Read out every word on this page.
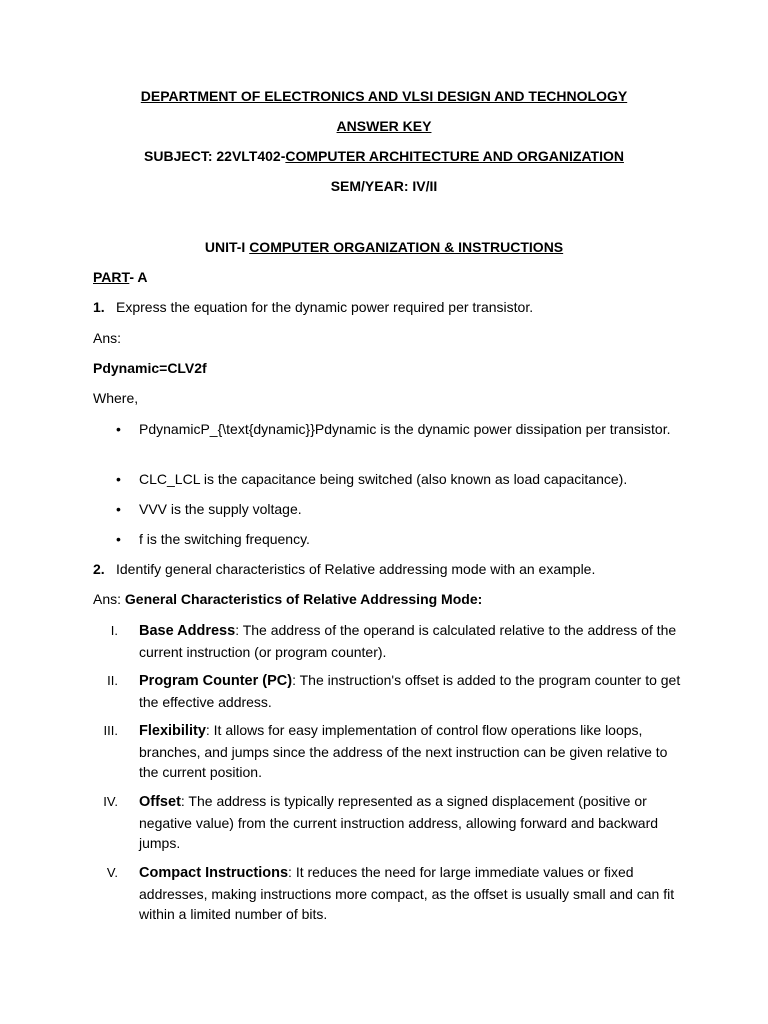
DEPARTMENT OF ELECTRONICS AND VLSI DESIGN AND TECHNOLOGY
ANSWER KEY
SUBJECT: 22VLT402-COMPUTER ARCHITECTURE AND ORGANIZATION
SEM/YEAR: IV/II
UNIT-I COMPUTER ORGANIZATION & INSTRUCTIONS
PART- A
1. Express the equation for the dynamic power required per transistor.
Ans:
Pdynamic=CLV2f
Where,
• PdynamicP_{\text{dynamic}}Pdynamic is the dynamic power dissipation per transistor.
• CLC_LCL is the capacitance being switched (also known as load capacitance).
• VVV is the supply voltage.
• f is the switching frequency.
2. Identify general characteristics of Relative addressing mode with an example.
Ans: General Characteristics of Relative Addressing Mode:
I. Base Address: The address of the operand is calculated relative to the address of the current instruction (or program counter).
II. Program Counter (PC): The instruction's offset is added to the program counter to get the effective address.
III. Flexibility: It allows for easy implementation of control flow operations like loops, branches, and jumps since the address of the next instruction can be given relative to the current position.
IV. Offset: The address is typically represented as a signed displacement (positive or negative value) from the current instruction address, allowing forward and backward jumps.
V. Compact Instructions: It reduces the need for large immediate values or fixed addresses, making instructions more compact, as the offset is usually small and can fit within a limited number of bits.
